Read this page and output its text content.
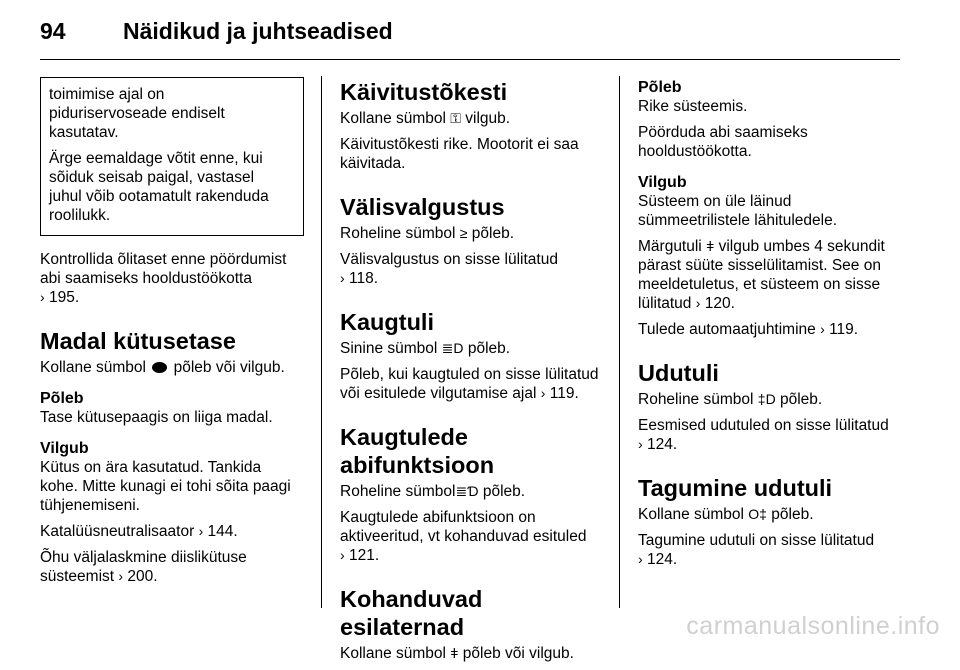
94 Näidikud ja juhtseadised

toimimise ajal on
piduriservoseade endiselt
kasutatav.

Ärge eemaldage võtit enne, kui
sõiduk seisab paigal, vastasel
juhul võib ootamatult rakenduda
roolilukk.

Kontrollida õlitaset enne pöördumist
abi saamiseks hooldustöökotta
› 195.

Madal kütusetase

Kollane sümbol põleb või vilgub.

Põleb

Tase kütusepaagis on liiga madal.

Vilgub

Kütus on ära kasutatud. Tankida
kohe. Mitte kunagi ei tohi sõita paagi
tühjenemiseni.

Katalüüsneutralisaator › 144.

Õhu väljalaskmine diislikütuse
süsteemist › 200.

Käivitustõkesti

Kollane sümbol ⚿ vilgub.

Käivitustõkesti rike. Mootorit ei saa
käivitada.

Välisvalgustus

Roheline sümbol ≥ põleb.

Välisvalgustus on sisse lülitatud
› 118.

Kaugtuli

Sinine sümbol ≣D põleb.

Põleb, kui kaugtuled on sisse lülitatud
või esitulede vilgutamise ajal › 119.

Kaugtulede abifunktsioon

Roheline sümbol≣Ɗ põleb.

Kaugtulede abifunktsioon on
aktiveeritud, vt kohanduvad esituled
› 121.

Kohanduvad esilaternad

Kollane sümbol ǂ põleb või vilgub.

Põleb

Rike süsteemis.

Pöörduda abi saamiseks
hooldustöökotta.

Vilgub

Süsteem on üle läinud
sümmeetrilistele lähituledele.

Märgutuli ǂ vilgub umbes 4 sekundit
pärast süüte sisselülitamist. See on
meeldetuletus, et süsteem on sisse
lülitatud › 120.

Tulede automaatjuhtimine › 119.

Udutuli

Roheline sümbol ‡D põleb.

Eesmised udutuled on sisse lülitatud
› 124.

Tagumine udutuli

Kollane sümbol O‡ põleb.

Tagumine udutuli on sisse lülitatud
› 124.

carmanualsonline.info
